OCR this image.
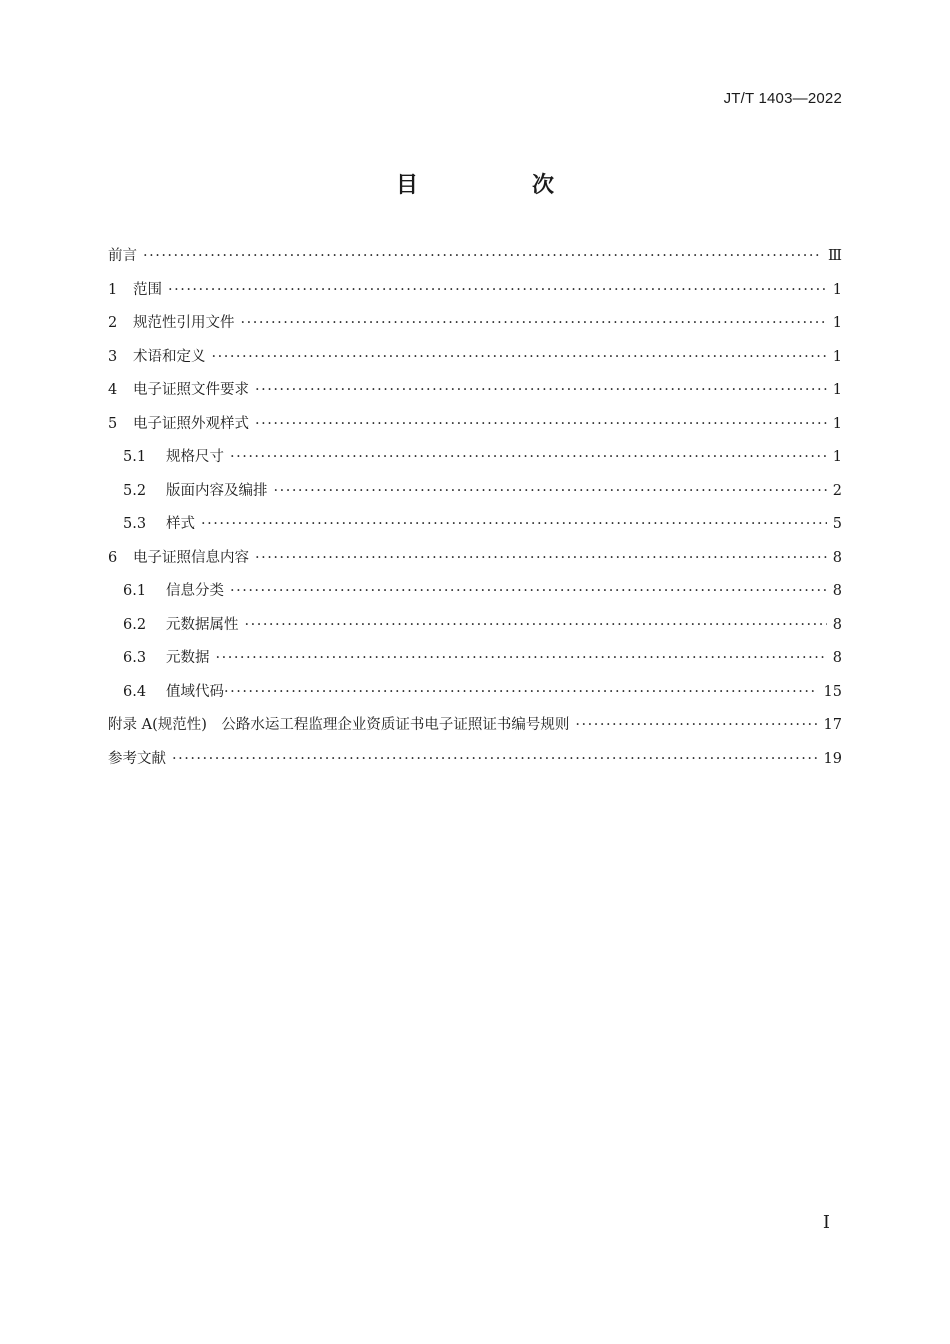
JT/T 1403—2022
目　次
前言 ·····	Ⅲ
1	范围 ·····	1
2	规范性引用文件 ·····	1
3	术语和定义 ·····	1
4	电子证照文件要求 ·····	1
5	电子证照外观样式 ·····	1
5.1	规格尺寸 ·····	1
5.2	版面内容及编排 ·····	2
5.3	样式 ·····	5
6	电子证照信息内容 ·····	8
6.1	信息分类 ·····	8
6.2	元数据属性 ·····	8
6.3	元数据 ·····	8
6.4	值域代码 ·····	15
附录 A(规范性)　公路水运工程监理企业资质证书电子证照证书编号规则 ·····	17
参考文献 ·····	19
Ⅰ
